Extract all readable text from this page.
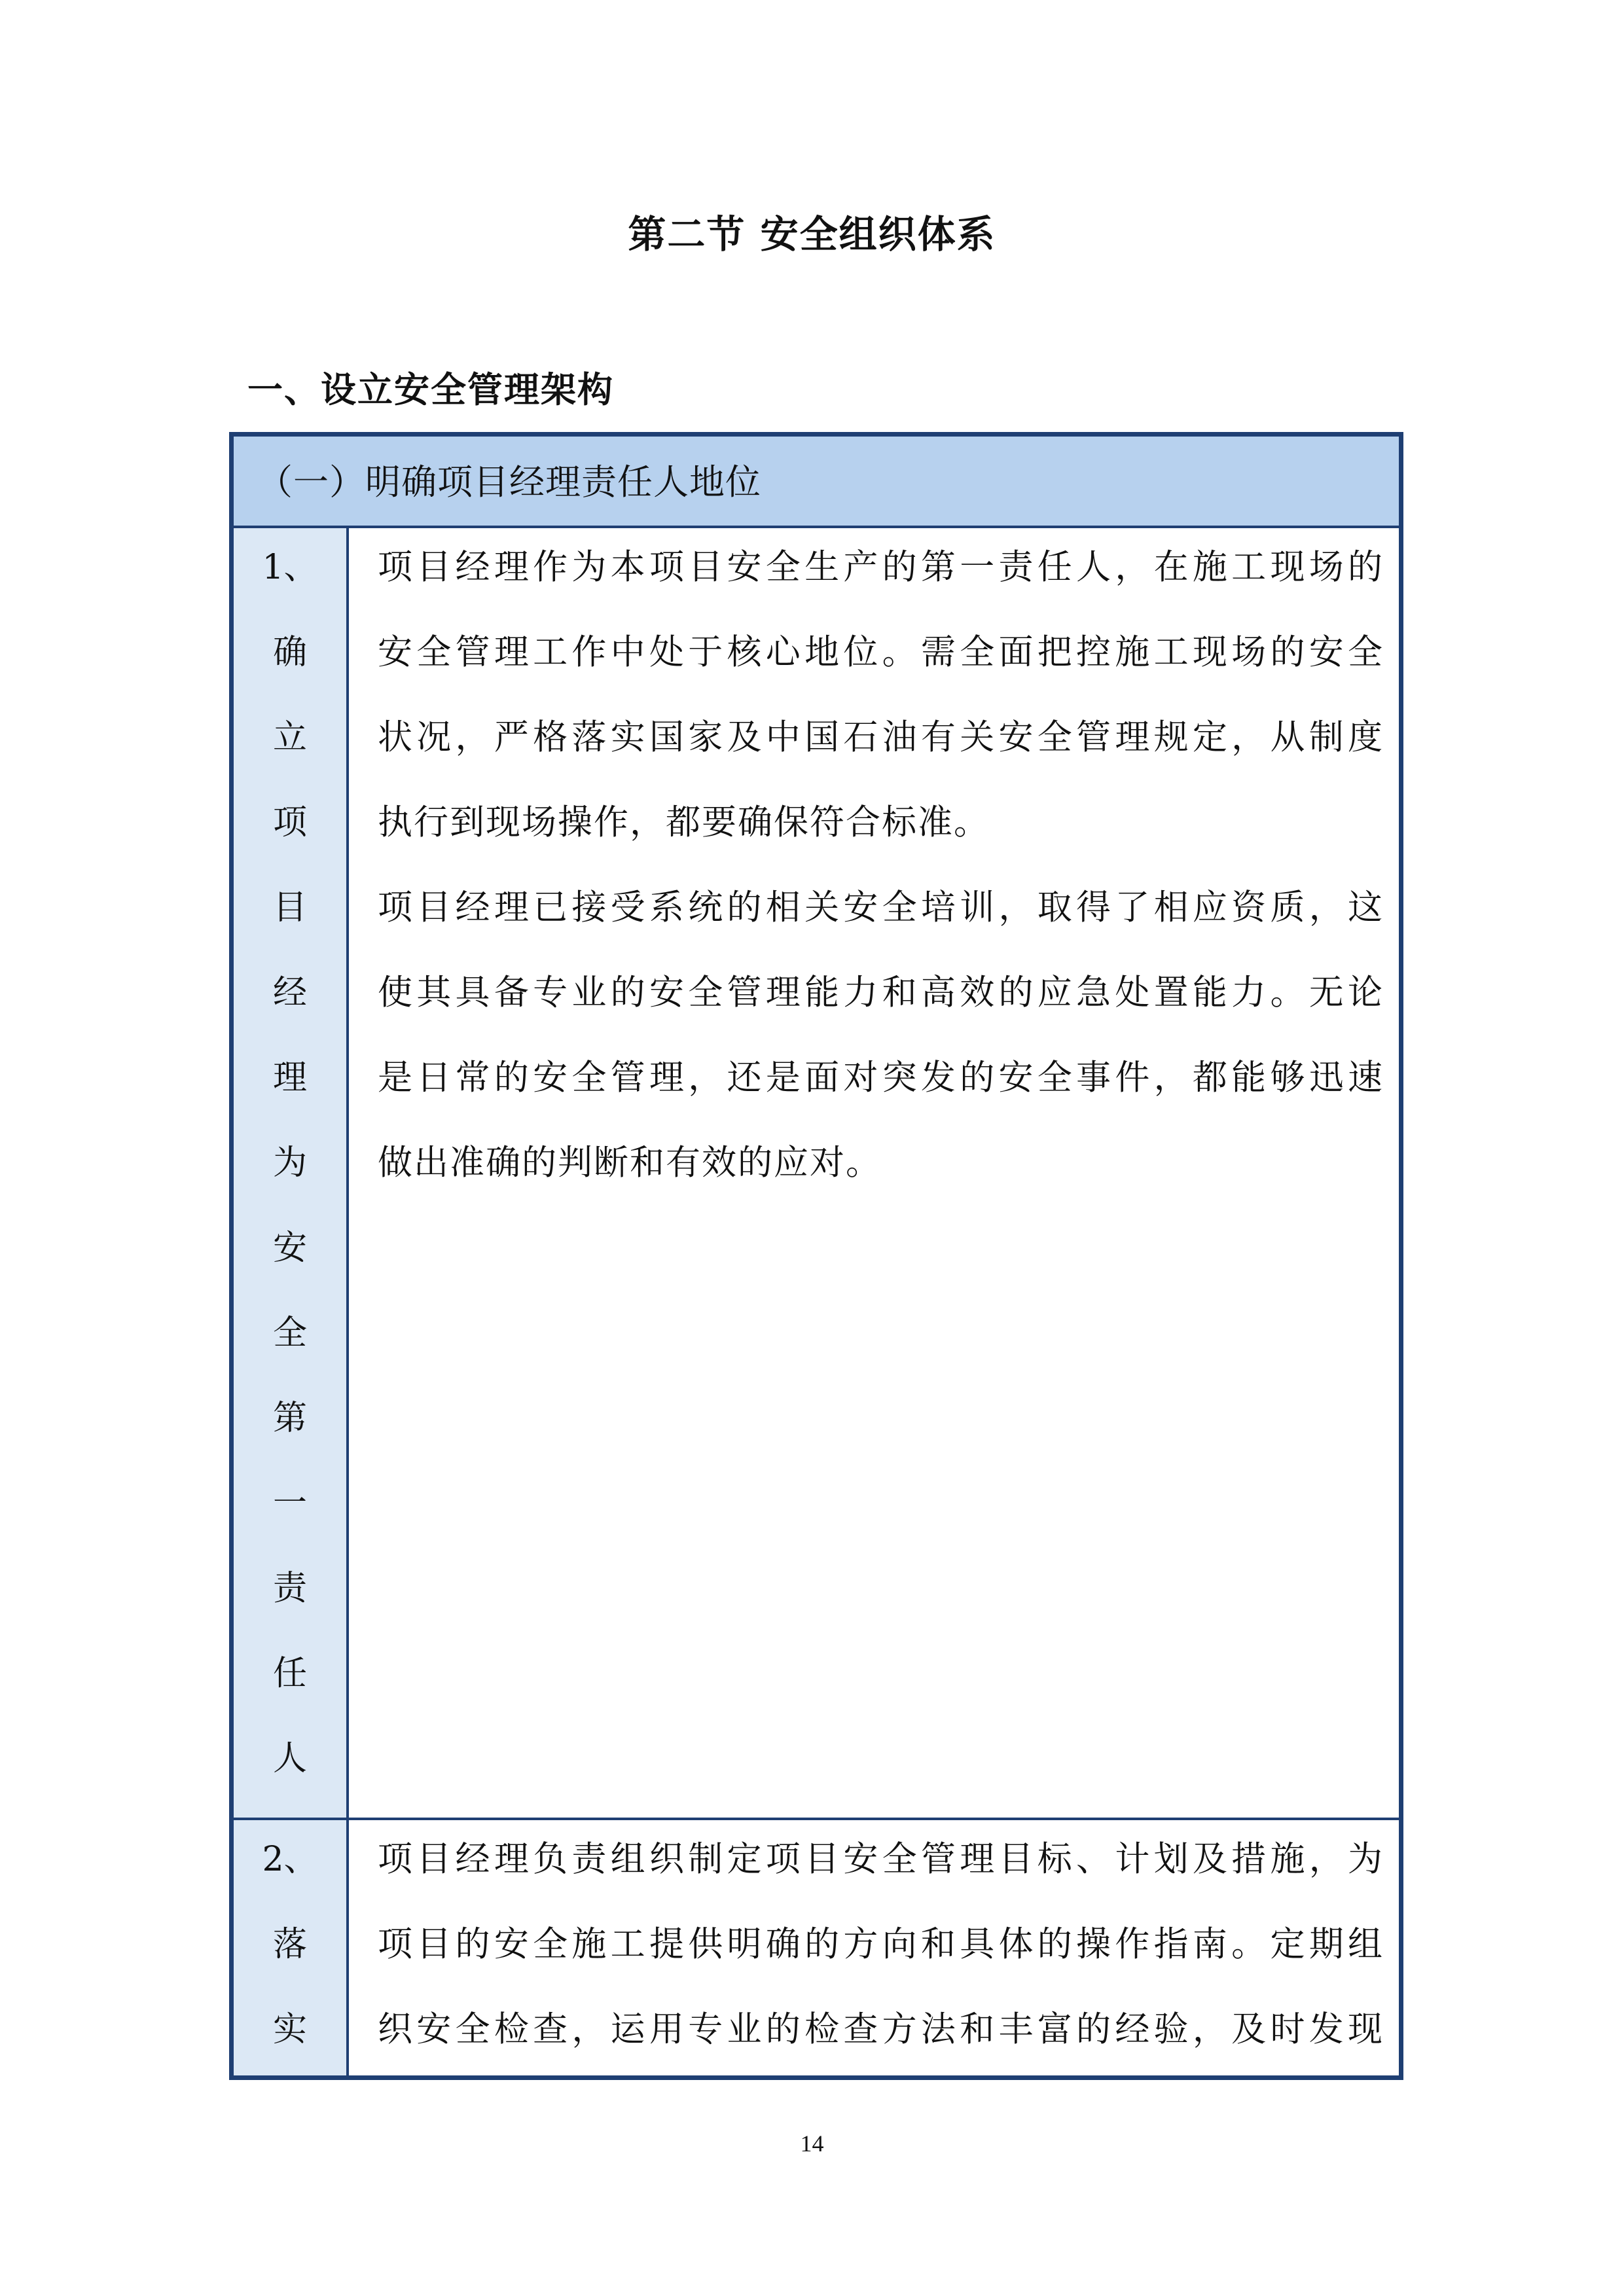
第二节 安全组织体系
一、设立安全管理架构
（一）明确项目经理责任人地位
1、
确
立
项
目
经
理
为
安
全
第
一
责
任
人
项目经理作为本项目安全生产的第一责任人，在施工现场的
安全管理工作中处于核心地位。需全面把控施工现场的安全
状况，严格落实国家及中国石油有关安全管理规定，从制度
执行到现场操作，都要确保符合标准。
项目经理已接受系统的相关安全培训，取得了相应资质，这
使其具备专业的安全管理能力和高效的应急处置能力。无论
是日常的安全管理，还是面对突发的安全事件，都能够迅速
做出准确的判断和有效的应对。
2、
落
实
项目经理负责组织制定项目安全管理目标、计划及措施，为
项目的安全施工提供明确的方向和具体的操作指南。定期组
织安全检查，运用专业的检查方法和丰富的经验，及时发现

14
